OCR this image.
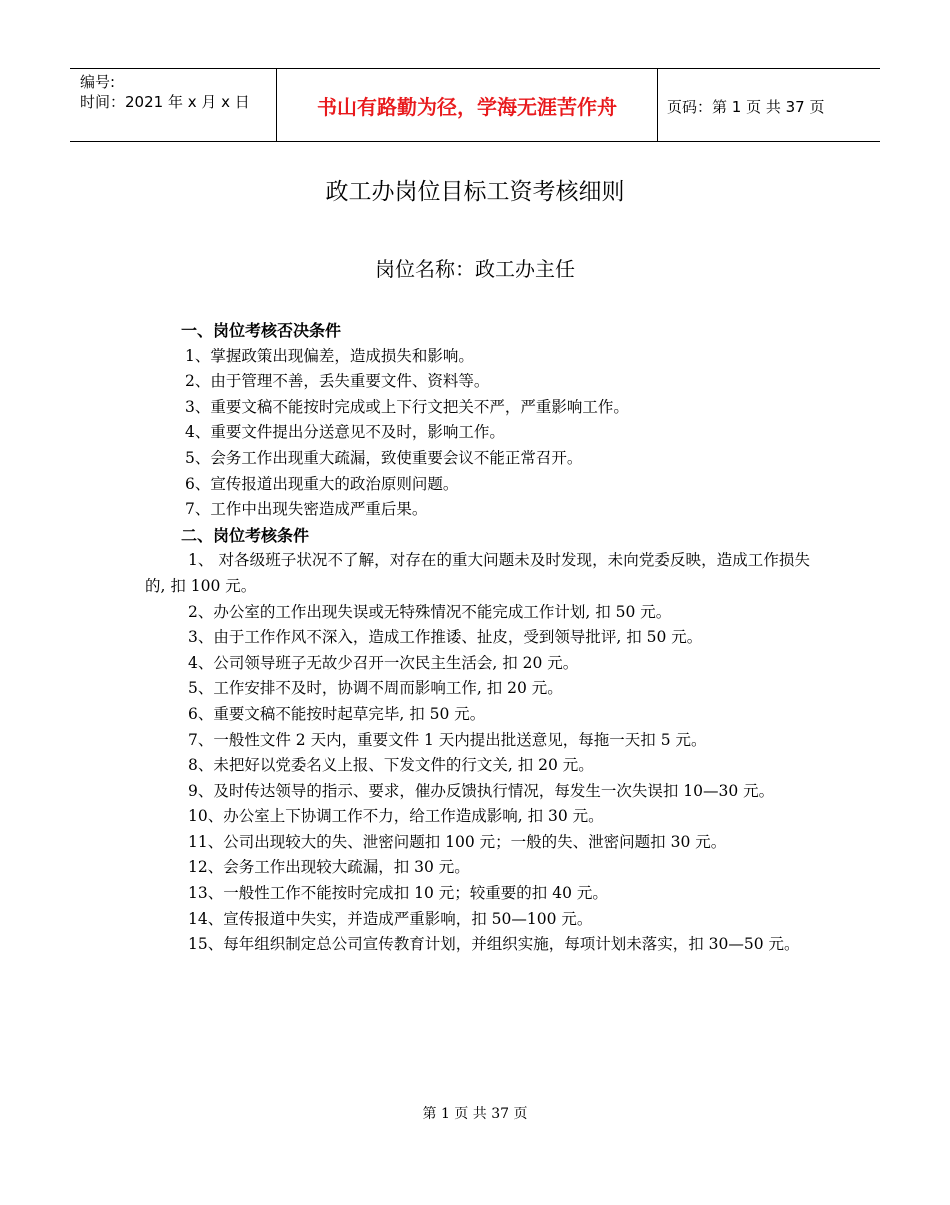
编号:
时间：2021 年 x 月 x 日	书山有路勤为径，学海无涯苦作舟	页码：第 1 页 共 37 页
政工办岗位目标工资考核细则
岗位名称：政工办主任

一、岗位考核否决条件

1、掌握政策出现偏差，造成损失和影响。

2、由于管理不善，丢失重要文件、资料等。

3、重要文稿不能按时完成或上下行文把关不严，严重影响工作。

4、重要文件提出分送意见不及时，影响工作。

5、会务工作出现重大疏漏，致使重要会议不能正常召开。

6、宣传报道出现重大的政治原则问题。

7、工作中出现失密造成严重后果。

二、岗位考核条件

1、 对各级班子状况不了解，对存在的重大问题未及时发现，未向党委反映，造成工作损失的, 扣 100 元。

2、办公室的工作出现失误或无特殊情况不能完成工作计划, 扣 50 元。

3、由于工作作风不深入，造成工作推诿、扯皮，受到领导批评, 扣 50 元。

4、公司领导班子无故少召开一次民主生活会, 扣 20 元。

5、工作安排不及时，协调不周而影响工作, 扣 20 元。

6、重要文稿不能按时起草完毕, 扣 50 元。

7、一般性文件 2 天内，重要文件 1 天内提出批送意见，每拖一天扣 5 元。

8、未把好以党委名义上报、下发文件的行文关, 扣 20 元。

9、及时传达领导的指示、要求，催办反馈执行情况，每发生一次失误扣 10—30 元。

10、办公室上下协调工作不力，给工作造成影响, 扣 30 元。

11、公司出现较大的失、泄密问题扣 100 元；一般的失、泄密问题扣 30 元。

12、会务工作出现较大疏漏，扣 30 元。

13、一般性工作不能按时完成扣 10 元；较重要的扣 40 元。

14、宣传报道中失实，并造成严重影响，扣 50—100 元。

15、每年组织制定总公司宣传教育计划，并组织实施，每项计划未落实，扣 30—50 元。

第 1 页 共 37 页
